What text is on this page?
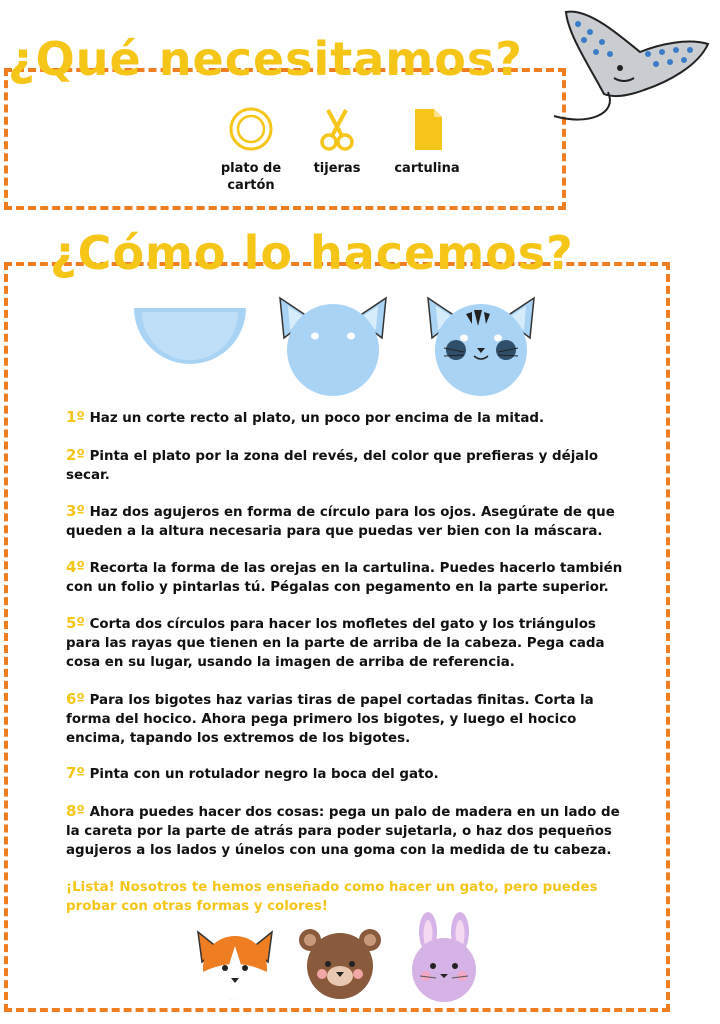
¿Qué necesitamos?
plato de cartón
tijeras	cartulina
¿Cómo lo hacemos?
1º Haz un corte recto al plato, un poco por encima de la mitad.
2º Pinta el plato por la zona del revés, del color que prefieras y déjalo secar.
3º Haz dos agujeros en forma de círculo para los ojos. Asegúrate de que queden a la altura necesaria para que puedas ver bien con la máscara.
4º Recorta la forma de las orejas en la cartulina. Puedes hacerlo también con un folio y pintarlas tú. Pégalas con pegamento en la parte superior.
5º Corta dos círculos para hacer los mofletes del gato y los triángulos para las rayas que tienen en la parte de arriba de la cabeza. Pega cada cosa en su lugar, usando la imagen de arriba de referencia.
6º Para los bigotes haz varias tiras de papel cortadas finitas. Corta la forma del hocico. Ahora pega primero los bigotes, y luego el hocico encima, tapando los extremos de los bigotes.
7º Pinta con un rotulador negro la boca del gato.
8º Ahora puedes hacer dos cosas: pega un palo de madera en un lado de la careta por la parte de atrás para poder sujetarla, o haz dos pequeños agujeros a los lados y únelos con una goma con la medida de tu cabeza.
¡Lista! Nosotros te hemos enseñado como hacer un gato, pero puedes probar con otras formas y colores!
